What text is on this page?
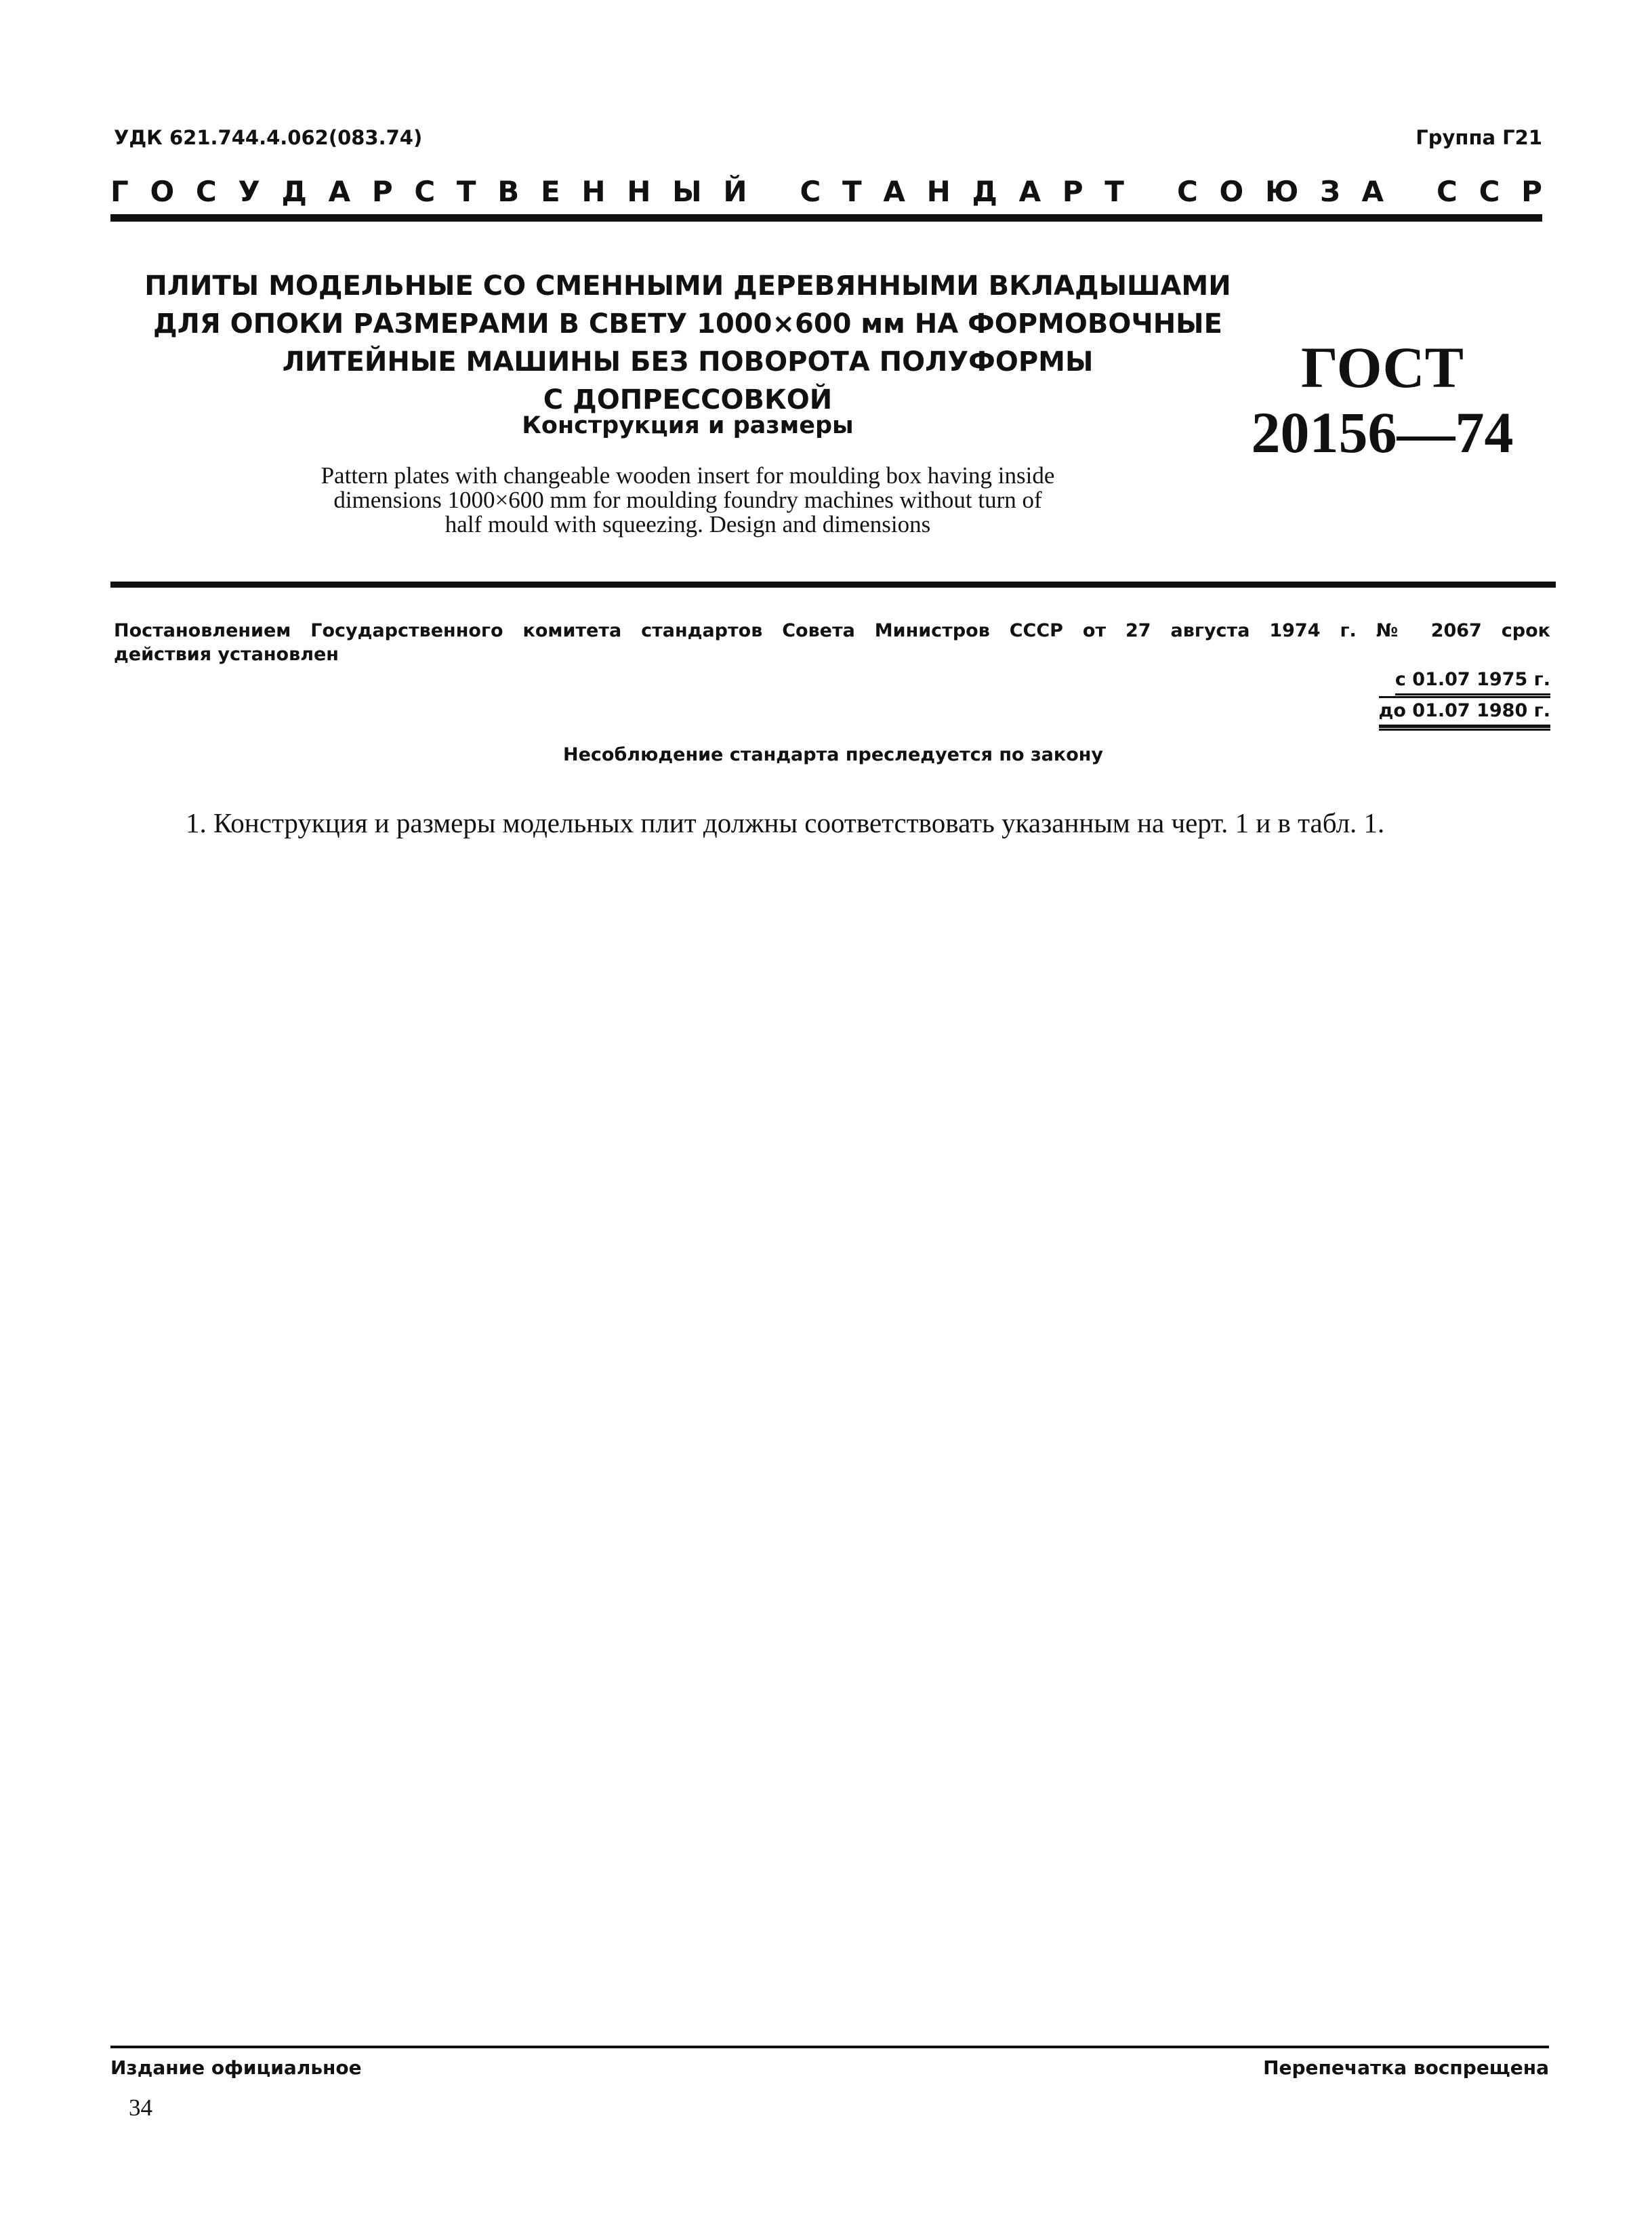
УДК 621.744.4.062(083.74)	Группа Г21
Г О С У Д А Р С Т В Е Н Н Ы Й
С Т А Н Д А Р Т
С О Ю З А
С С Р
ПЛИТЫ МОДЕЛЬНЫЕ СО СМЕННЫМИ ДЕРЕВЯННЫМИ ВКЛАДЫШАМИ
ДЛЯ ОПОКИ РАЗМЕРАМИ В СВЕТУ 1000×600 мм НА ФОРМОВОЧНЫЕ
ЛИТЕЙНЫЕ МАШИНЫ БЕЗ ПОВОРОТА ПОЛУФОРМЫ
С ДОПРЕССОВКОЙ
Конструкция и размеры
Pattern plates with changeable wooden insert for moulding box having inside
dimensions 1000×600 mm for moulding foundry machines without turn of
half mould with squeezing. Design and dimensions
ГОСТ
20156—74
Постановлением Государственного комитета стандартов Совета Министров СССР от 27 августа 1974 г. № 2067 срок
действия установлен
с 01.07 1975 г.
до 01.07 1980 г.
Несоблюдение стандарта преследуется по закону
1. Конструкция и размеры модельных плит должны соответствовать указанным на черт. 1 и в табл. 1.
Издание официальное	Перепечатка воспрещена
34
